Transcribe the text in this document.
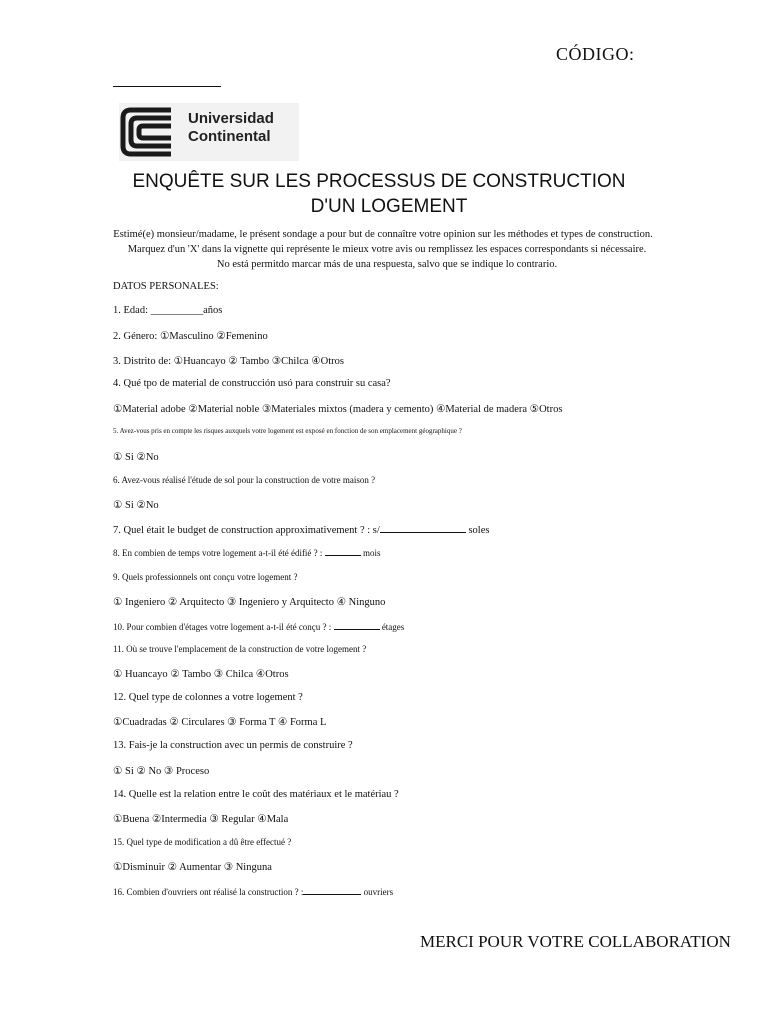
CÓDIGO:
Universidad
Continental
ENQUÊTE SUR LES PROCESSUS DE CONSTRUCTION
D'UN LOGEMENT
Estimé(e) monsieur/madame, le présent sondage a pour but de connaître votre opinion sur les méthodes et types de construction.
Marquez d'un 'X' dans la vignette qui représente le mieux votre avis ou remplissez les espaces correspondants si nécessaire.
No está permitdo marcar más de una respuesta, salvo que se indique lo contrario.
DATOS PERSONALES:
1. Edad: __________años
2. Género: ①Masculino ②Femenino
3. Distrito de: ①Huancayo ② Tambo ③Chilca ④Otros
4. Qué tpo de material de construcción usó para construir su casa?
①Material adobe ②Material noble ③Materiales mixtos (madera y cemento) ④Material de madera ⑤Otros
5. Avez-vous pris en compte les risques auxquels votre logement est exposé en fonction de son emplacement géographique ?
① Si ②No
6. Avez-vous réalisé l'étude de sol pour la construction de votre maison ?
① Si ②No
7. Quel était le budget de construction approximativement ? : s/	soles
8. En combien de temps votre logement a-t-il été édifié ? :	mois
9. Quels professionnels ont conçu votre logement ?
① Ingeniero ② Arquitecto ③ Ingeniero y Arquitecto ④ Ninguno
10. Pour combien d'étages votre logement a-t-il été conçu ? :	étages
11. Où se trouve l'emplacement de la construction de votre logement ?
① Huancayo ② Tambo ③ Chilca ④Otros
12. Quel type de colonnes a votre logement ?
①Cuadradas ② Circulares ③ Forma T ④ Forma L
13. Fais-je la construction avec un permis de construire ?
① Si ② No ③ Proceso
14. Quelle est la relation entre le coût des matériaux et le matériau ?
①Buena ②Intermedia ③ Regular ④Mala
15. Quel type de modification a dû être effectué ?
①Disminuir ② Aumentar ③ Ninguna
16. Combien d'ouvriers ont réalisé la construction ? :	ouvriers
MERCI POUR VOTRE COLLABORATION
